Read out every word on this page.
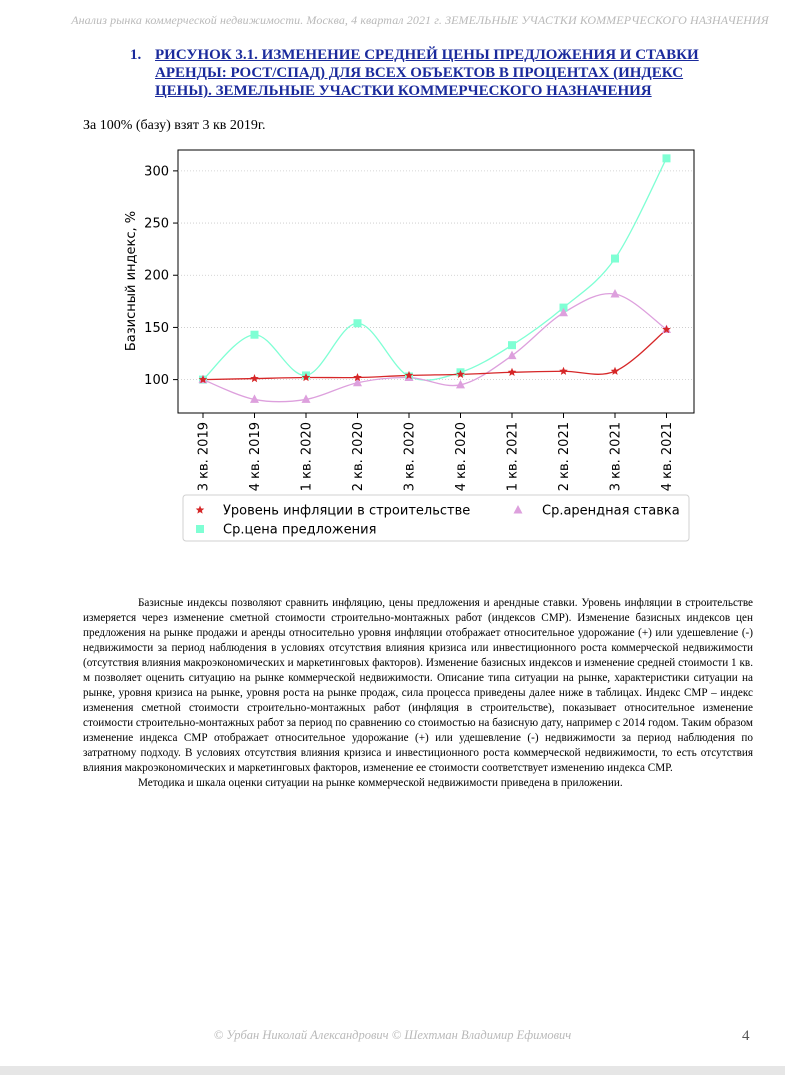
Анализ рынка коммерческой недвижимости. Москва, 4 квартал 2021 г. ЗЕМЕЛЬНЫЕ УЧАСТКИ КОММЕРЧЕСКОГО НАЗНАЧЕНИЯ
1. РИСУНОК 3.1. ИЗМЕНЕНИЕ СРЕДНЕЙ ЦЕНЫ ПРЕДЛОЖЕНИЯ И СТАВКИ АРЕНДЫ: РОСТ/СПАД) ДЛЯ ВСЕХ ОБЪЕКТОВ В ПРОЦЕНТАХ (ИНДЕКС ЦЕНЫ). ЗЕМЕЛЬНЫЕ УЧАСТКИ КОММЕРЧЕСКОГО НАЗНАЧЕНИЯ
За 100% (базу) взят 3 кв 2019г.
100
150
200
250
300
3 кв. 2019	4 кв. 2019	1 кв. 2020	2 кв. 2020	3 кв. 2020	4 кв. 2020	1 кв. 2021	2 кв. 2021	3 кв. 2021	4 кв. 2021
Базисный индекс, %
Уровень инфляции в строительстве	Ср.арендная ставка
Ср.цена предложения

Базисные индексы позволяют сравнить инфляцию, цены предложения и арендные ставки. Уровень инфляции в строительстве измеряется через изменение сметной стоимости строительно-монтажных работ (индексов СМР). Изменение базисных индексов цен предложения на рынке продажи и аренды относительно уровня инфляции отображает относительное удорожание (+) или удешевление (-) недвижимости за период наблюдения в условиях отсутствия влияния кризиса или инвестиционного роста коммерческой недвижимости (отсутствия влияния макроэкономических и маркетинговых факторов). Изменение базисных индексов и изменение средней стоимости 1 кв. м позволяет оценить ситуацию на рынке коммерческой недвижимости. Описание типа ситуации на рынке, характеристики ситуации на рынке, уровня кризиса на рынке, уровня роста на рынке продаж, сила процесса приведены далее ниже в таблицах. Индекс СМР – индекс изменения сметной стоимости строительно-монтажных работ (инфляция в строительстве), показывает относительное изменение стоимости строительно-монтажных работ за период по сравнению со стоимостью на базисную дату, например с 2014 годом. Таким образом изменение индекса СМР отображает относительное удорожание (+) или удешевление (-) недвижимости за период наблюдения по затратному подходу. В условиях отсутствия влияния кризиса и инвестиционного роста коммерческой недвижимости, то есть отсутствия влияния макроэкономических и маркетинговых факторов, изменение ее стоимости соответствует изменению индекса СМР.

Методика и шкала оценки ситуации на рынке коммерческой недвижимости приведена в приложении.

© Урбан Николай Александрович © Шехтман Владимир Ефимович	4
